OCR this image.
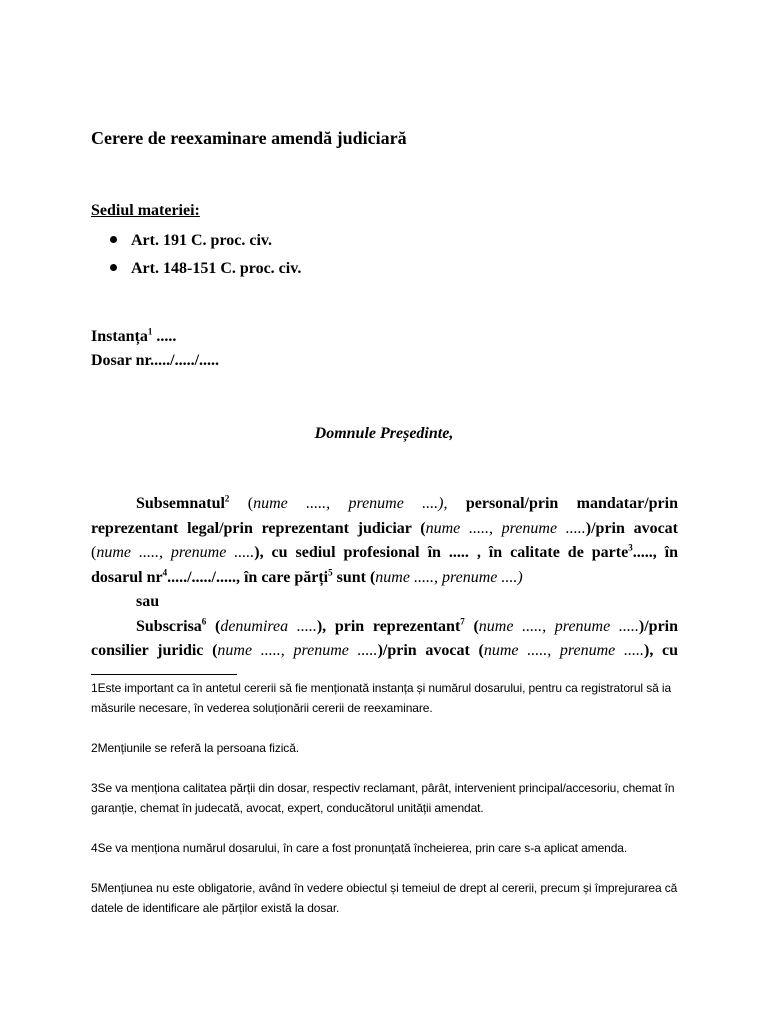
Cerere de reexaminare amendă judiciară
Sediul materiei:
Art. 191 C. proc. civ.
Art. 148-151 C. proc. civ.
Instanța$^1$ .....
Dosar nr...../...../.....
Domnule Președinte,
Subsemnatul$^2$ (nume ....., prenume ....), personal/prin mandatar/prin
reprezentant legal/prin reprezentant judiciar (nume ....., prenume .....)/prin avocat
(nume ....., prenume .....), cu sediul profesional în ..... , în calitate de parte$^3$....., în
dosarul $nr^4...../...../$....., în care părți$^5$ sunt (nume ....., prenume ....)
sau
Subscrisa$^6$ (denumirea .....), prin reprezentant$^7$ (nume ....., prenume .....)/prin
consilier juridic (nume ....., prenume .....)/prin avocat (nume ....., prenume .....), cu
1Este important ca în antetul cererii să fie menționată instanța și numărul dosarului, pentru ca registratorul să ia măsurile necesare, în vederea soluționării cererii de reexaminare.
2Mențiunile se referă la persoana fizică.
3Se va menționa calitatea părții din dosar, respectiv reclamant, pârât, intervenient principal/accesoriu, chemat în garanție, chemat în judecată, avocat, expert, conducătorul unității amendat.
4Se va menționa numărul dosarului, în care a fost pronunțată încheierea, prin care s-a aplicat amenda.
5Mențiunea nu este obligatorie, având în vedere obiectul și temeiul de drept al cererii, precum și împrejurarea că datele de identificare ale părților există la dosar.
